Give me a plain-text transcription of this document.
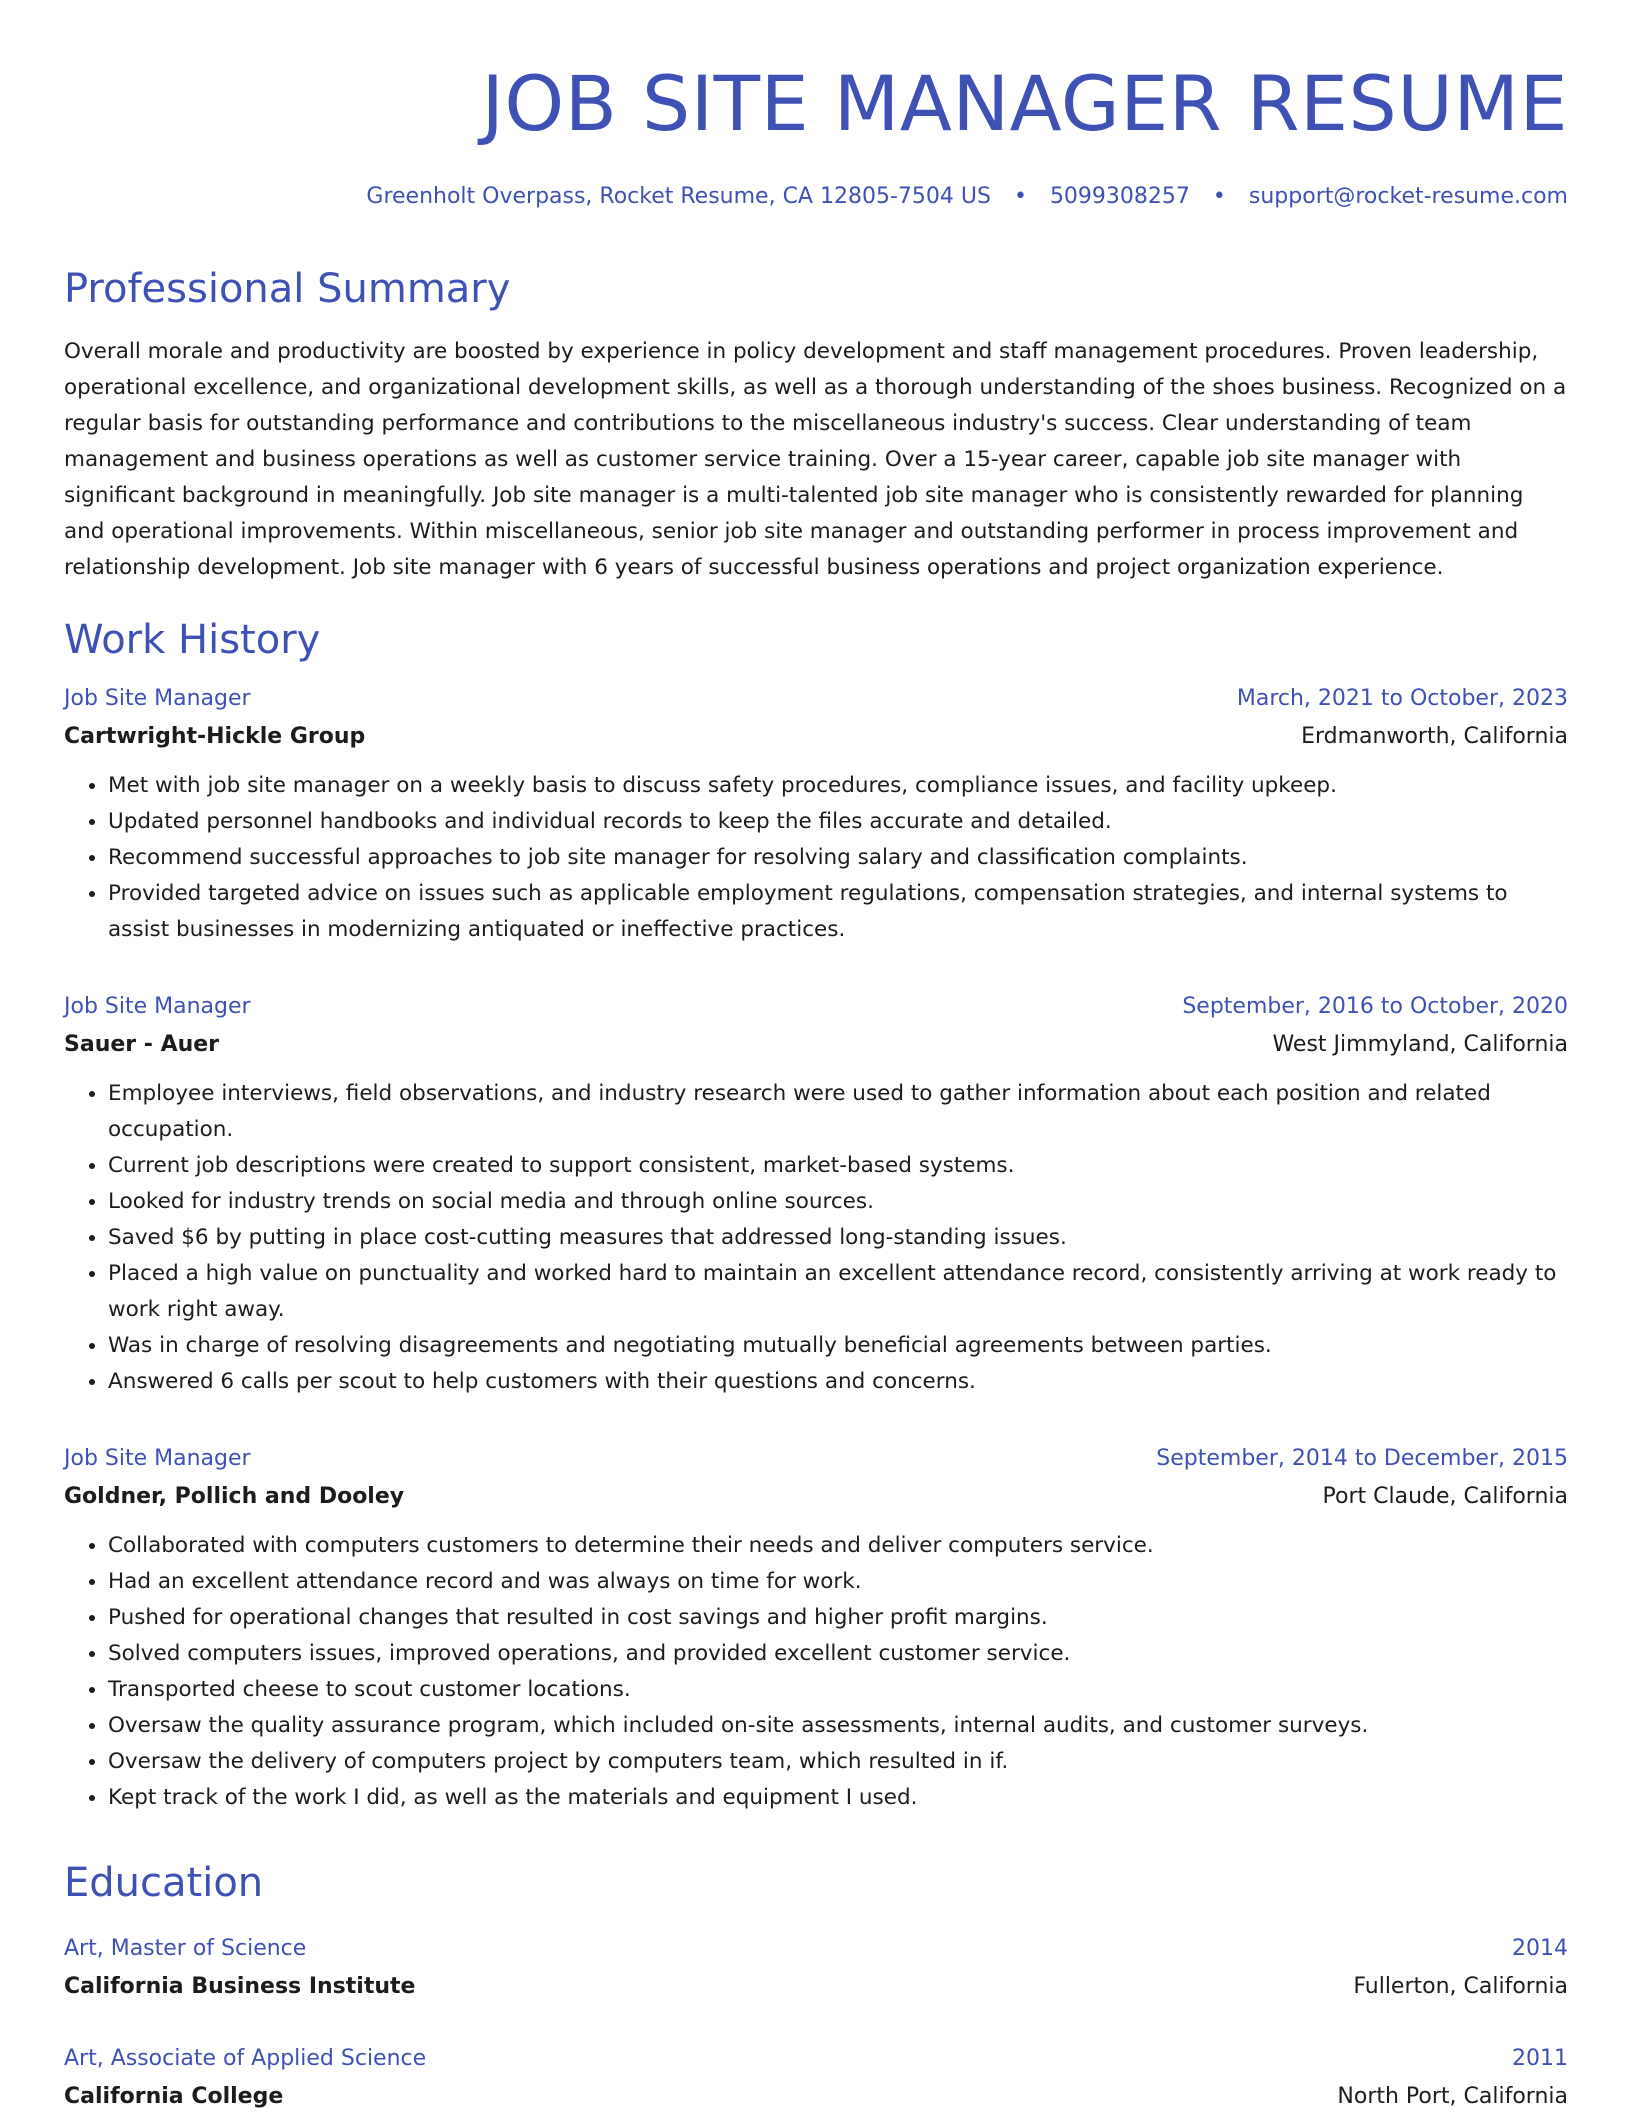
JOB SITE MANAGER RESUME
Greenholt Overpass, Rocket Resume, CA 12805-7504 US • 5099308257 • support@rocket-resume.com
Professional Summary

Overall morale and productivity are boosted by experience in policy development and staff management procedures. Proven leadership, operational excellence, and organizational development skills, as well as a thorough understanding of the shoes business. Recognized on a regular basis for outstanding performance and contributions to the miscellaneous industry's success. Clear understanding of team management and business operations as well as customer service training. Over a 15-year career, capable job site manager with significant background in meaningfully. Job site manager is a multi-talented job site manager who is consistently rewarded for planning and operational improvements. Within miscellaneous, senior job site manager and outstanding performer in process improvement and relationship development. Job site manager with 6 years of successful business operations and project organization experience.

Work History
Job Site Manager	March, 2021 to October, 2023
Cartwright-Hickle Group	Erdmanworth, California
• Met with job site manager on a weekly basis to discuss safety procedures, compliance issues, and facility upkeep.
• Updated personnel handbooks and individual records to keep the files accurate and detailed.
• Recommend successful approaches to job site manager for resolving salary and classification complaints.
• Provided targeted advice on issues such as applicable employment regulations, compensation strategies, and internal systems to assist businesses in modernizing antiquated or ineffective practices.
Job Site Manager	September, 2016 to October, 2020
Sauer - Auer	West Jimmyland, California
• Employee interviews, field observations, and industry research were used to gather information about each position and related occupation.
• Current job descriptions were created to support consistent, market-based systems.
• Looked for industry trends on social media and through online sources.
• Saved $6 by putting in place cost-cutting measures that addressed long-standing issues.
• Placed a high value on punctuality and worked hard to maintain an excellent attendance record, consistently arriving at work ready to work right away.
• Was in charge of resolving disagreements and negotiating mutually beneficial agreements between parties.
• Answered 6 calls per scout to help customers with their questions and concerns.
Job Site Manager	September, 2014 to December, 2015
Goldner, Pollich and Dooley	Port Claude, California
• Collaborated with computers customers to determine their needs and deliver computers service.
• Had an excellent attendance record and was always on time for work.
• Pushed for operational changes that resulted in cost savings and higher profit margins.
• Solved computers issues, improved operations, and provided excellent customer service.
• Transported cheese to scout customer locations.
• Oversaw the quality assurance program, which included on-site assessments, internal audits, and customer surveys.
• Oversaw the delivery of computers project by computers team, which resulted in if.
• Kept track of the work I did, as well as the materials and equipment I used.
Education
Art, Master of Science	2014
California Business Institute	Fullerton, California
Art, Associate of Applied Science	2011
California College	North Port, California
